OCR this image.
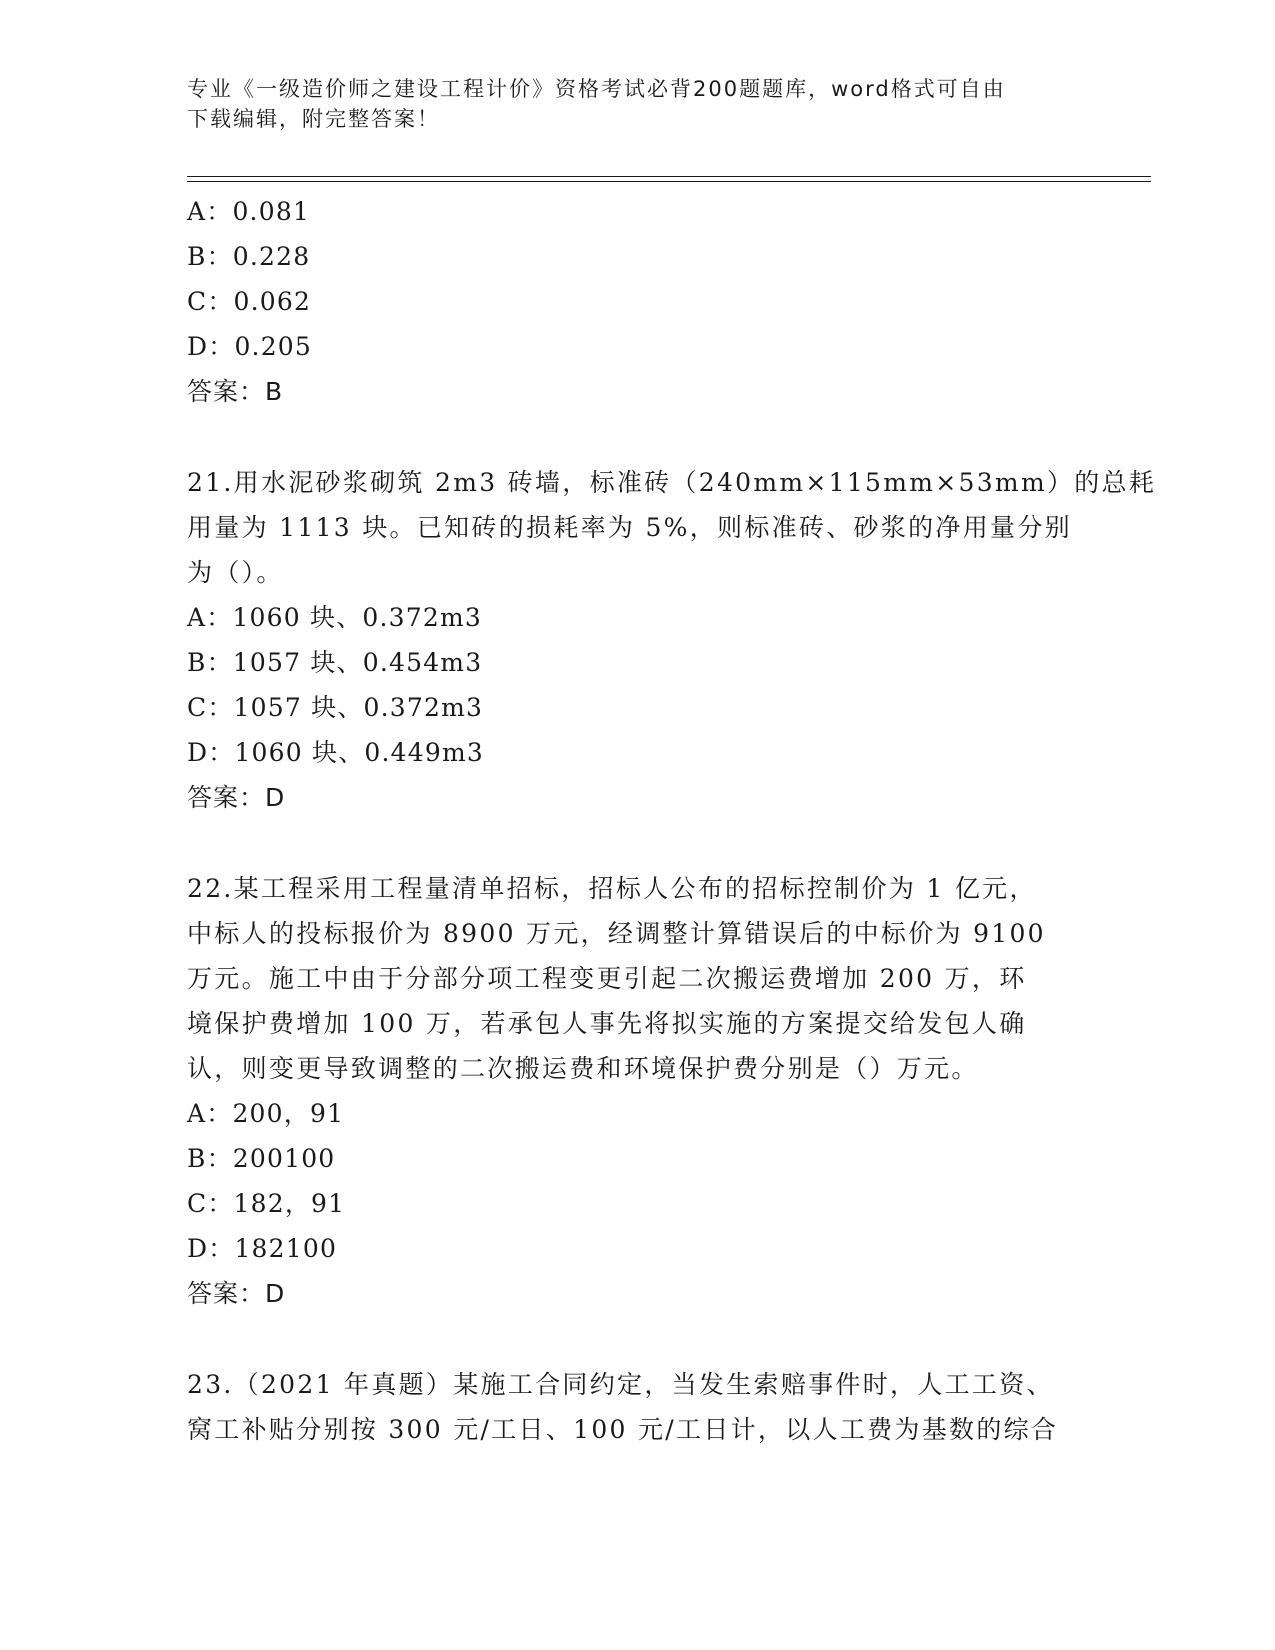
专业《一级造价师之建设工程计价》资格考试必背200题题库，word格式可自由
下载编辑，附完整答案！
A：0.081
B：0.228
C：0.062
D：0.205
答案：B
21.用水泥砂浆砌筑 2m3 砖墙，标准砖（240mm×115mm×53mm）的总耗
用量为 1113 块。已知砖的损耗率为 5%，则标准砖、砂浆的净用量分别
为（）。
A：1060 块、0.372m3
B：1057 块、0.454m3
C：1057 块、0.372m3
D：1060 块、0.449m3
答案：D
22.某工程采用工程量清单招标，招标人公布的招标控制价为 1 亿元，
中标人的投标报价为 8900 万元，经调整计算错误后的中标价为 9100
万元。施工中由于分部分项工程变更引起二次搬运费增加 200 万，环
境保护费增加 100 万，若承包人事先将拟实施的方案提交给发包人确
认，则变更导致调整的二次搬运费和环境保护费分别是（）万元。
A：200，91
B：200100
C：182，91
D：182100
答案：D
23.（2021 年真题）某施工合同约定，当发生索赔事件时，人工工资、
窝工补贴分别按 300 元/工日、100 元/工日计，以人工费为基数的综合
